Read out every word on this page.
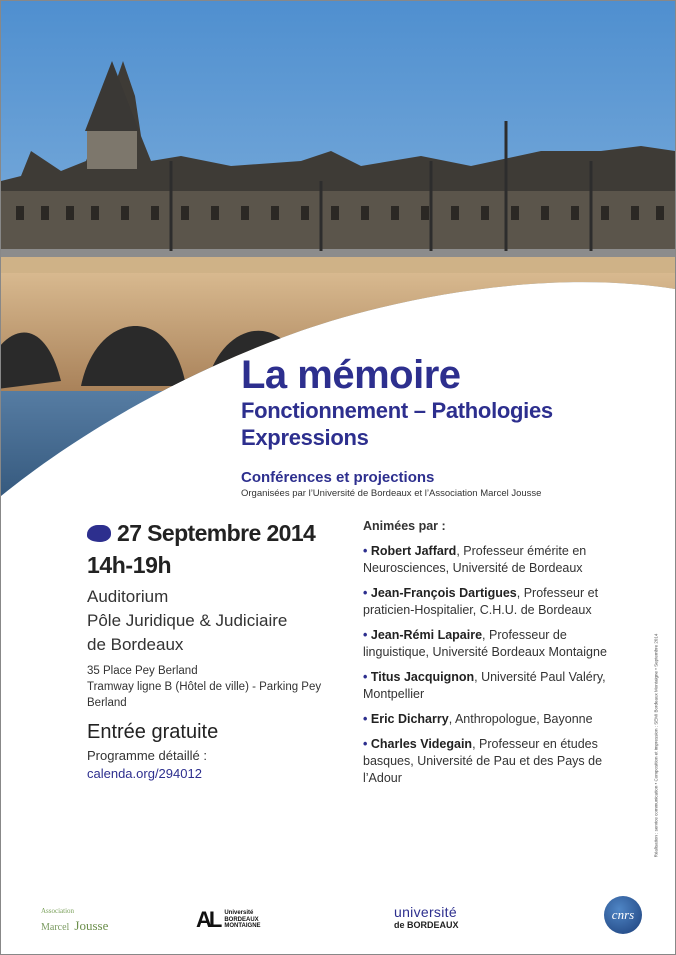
La mémoire
Fonctionnement – Pathologies
Expressions
Conférences et projections
Organisées par l’Université de Bordeaux et l’Association Marcel Jousse
27 Septembre 2014
14h-19h
Auditorium
Pôle Juridique & Judiciaire
de Bordeaux
35 Place Pey Berland
Tramway ligne B (Hôtel de ville) - Parking Pey
Berland
Entrée gratuite
Programme détaillé :
calenda.org/294012
Animées par :
• Robert Jaffard, Professeur émérite en Neurosciences, Université de Bordeaux
• Jean-François Dartigues, Professeur et praticien-Hospitalier, C.H.U. de Bordeaux
• Jean-Rémi Lapaire, Professeur de linguistique, Université Bordeaux Montaigne
• Titus Jacquignon, Université Paul Valéry, Montpellier
• Eric Dicharry, Anthropologue, Bayonne
• Charles Videgain, Professeur en études basques, Université de Pau et des Pays de l’Adour	Réalisation : service communication • Composition et impression : SEMI Bordeaux Montaigne • Septembre 2014
Association
Marcel Jousse	AL Université
BORDEAUX
MONTAIGNE
université
de BORDEAUX
cnrs
